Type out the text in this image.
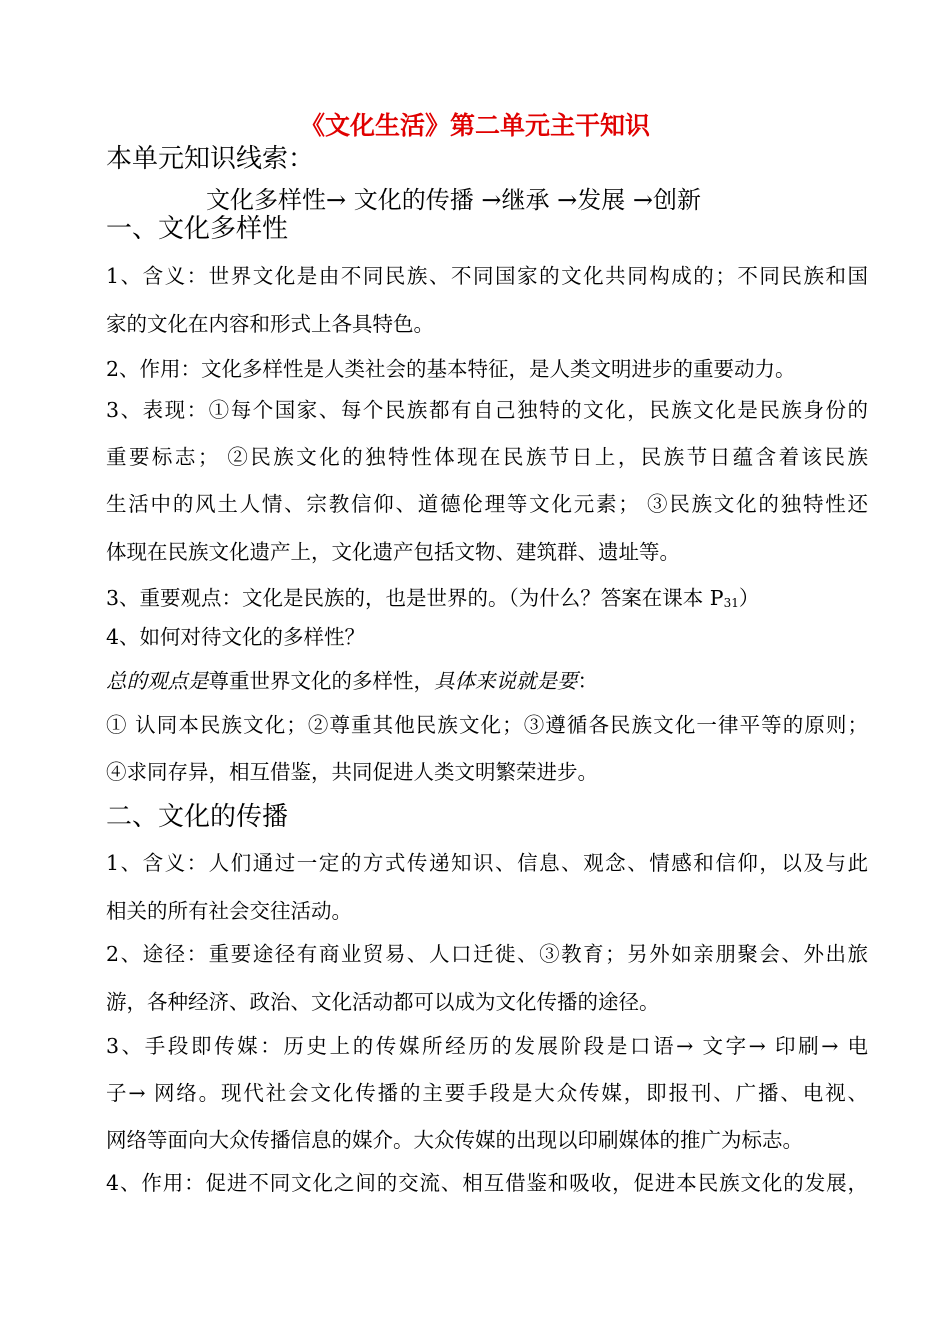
《文化生活》第二单元主干知识
本单元知识线索：
文化多样性→ 文化的传播 →继承 →发展 →创新
一、文化多样性
1、含义：世界文化是由不同民族、不同国家的文化共同构成的；不同民族和国
家的文化在内容和形式上各具特色。
2、作用：文化多样性是人类社会的基本特征，是人类文明进步的重要动力。
3、表现：①每个国家、每个民族都有自己独特的文化，民族文化是民族身份的
重要标志； ②民族文化的独特性体现在民族节日上，民族节日蕴含着该民族
生活中的风土人情、宗教信仰、道德伦理等文化元素； ③民族文化的独特性还
体现在民族文化遗产上，文化遗产包括文物、建筑群、遗址等。
3、重要观点：文化是民族的，也是世界的。（为什么？答案在课本 $P_{31}$）
4、如何对待文化的多样性？
总的观点是尊重世界文化的多样性，具体来说就是要：
① 认同本民族文化；②尊重其他民族文化；③遵循各民族文化一律平等的原则；
④求同存异，相互借鉴，共同促进人类文明繁荣进步。
二、文化的传播
1、含义：人们通过一定的方式传递知识、信息、观念、情感和信仰，以及与此
相关的所有社会交往活动。
2、途径：重要途径有商业贸易、人口迁徙、③教育；另外如亲朋聚会、外出旅
游，各种经济、政治、文化活动都可以成为文化传播的途径。
3、手段即传媒：历史上的传媒所经历的发展阶段是口语→ 文字→ 印刷→ 电
子→ 网络。现代社会文化传播的主要手段是大众传媒，即报刊、广播、电视、
网络等面向大众传播信息的媒介。大众传媒的出现以印刷媒体的推广为标志。
4、作用：促进不同文化之间的交流、相互借鉴和吸收，促进本民族文化的发展，
